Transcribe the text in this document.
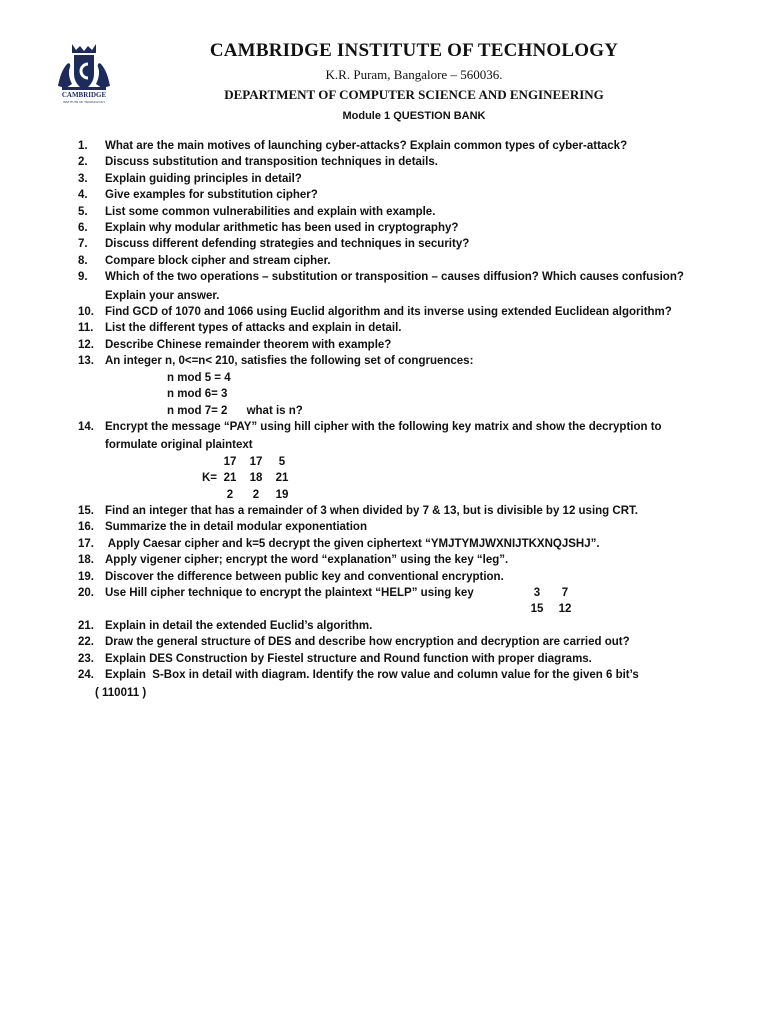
CAMBRIDGE
INSTITUTE OF TECHNOLOGY
CAMBRIDGE INSTITUTE OF TECHNOLOGY
K.R. Puram, Bangalore – 560036.
DEPARTMENT OF COMPUTER SCIENCE AND ENGINEERING
Module 1 QUESTION BANK
1.	What are the main motives of launching cyber-attacks? Explain common types of cyber-attack?
2.	Discuss substitution and transposition techniques in details.
3.	Explain guiding principles in detail?
4.	Give examples for substitution cipher?
5.	List some common vulnerabilities and explain with example.
6.	Explain why modular arithmetic has been used in cryptography?
7.	Discuss different defending strategies and techniques in security?
8.	Compare block cipher and stream cipher.
9.	Which of the two operations – substitution or transposition – causes diffusion? Which causes confusion?
Explain your answer.
10. Find GCD of 1070 and 1066 using Euclid algorithm and its inverse using extended Euclidean algorithm?
11.	List the different types of attacks and explain in detail.
12. Describe Chinese remainder theorem with example?
13. An integer n, 0<=n< 210, satisfies the following set of congruences:
n mod 5 = 4
n mod 6= 3
n mod 7= 2 what is n?
14. Encrypt the message “PAY” using hill cipher with the following key matrix and show the decryption to
formulate original plaintext
	17	17	5
K=	21	18	21
	2	2	19
15. Find an integer that has a remainder of 3 when divided by 7 & 13, but is divisible by 12 using CRT.
16. Summarize the in detail modular exponentiation
17. Apply Caesar cipher and k=5 decrypt the given ciphertext “YMJTYMJWXNIJTKXNQJSHJ”.
18. Apply vigener cipher; encrypt the word “explanation” using the key “leg”.
19. Discover the difference between public key and conventional encryption.
20. Use Hill cipher technique to encrypt the plaintext “HELP” using key	3	7
15	12

21. Explain in detail the extended Euclid’s algorithm.
22. Draw the general structure of DES and describe how encryption and decryption are carried out?
23. Explain DES Construction by Fiestel structure and Round function with proper diagrams.
24. Explain  S-Box in detail with diagram. Identify the row value and column value for the given 6 bit’s
( 110011 )
